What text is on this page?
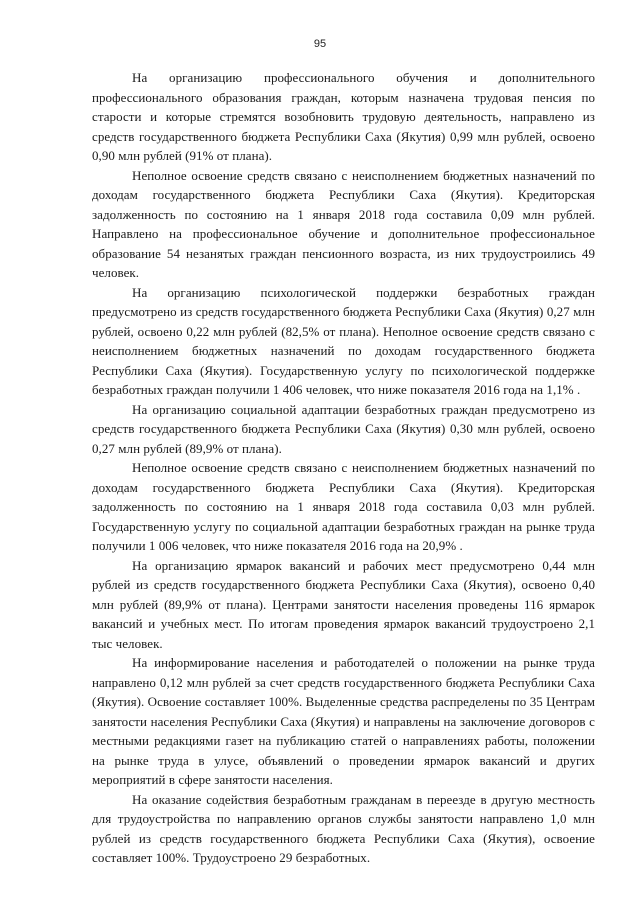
95

На организацию профессионального обучения и дополнительного профессионального образования граждан, которым назначена трудовая пенсия по старости и которые стремятся возобновить трудовую деятельность, направлено из средств государственного бюджета Республики Саха (Якутия) 0,99 млн рублей, освоено 0,90 млн рублей (91% от плана).

Неполное освоение средств связано с неисполнением бюджетных назначений по доходам государственного бюджета Республики Саха (Якутия). Кредиторская задолженность по состоянию на 1 января 2018 года составила 0,09 млн рублей. Направлено на профессиональное обучение и дополнительное профессиональное образование 54 незанятых граждан пенсионного возраста, из них трудоустроились 49 человек.

На организацию психологической поддержки безработных граждан предусмотрено из средств государственного бюджета Республики Саха (Якутия) 0,27 млн рублей, освоено 0,22 млн рублей (82,5% от плана). Неполное освоение средств связано с неисполнением бюджетных назначений по доходам государственного бюджета Республики Саха (Якутия). Государственную услугу по психологической поддержке безработных граждан получили 1 406 человек, что ниже показателя 2016 года на 1,1% .

На организацию социальной адаптации безработных граждан предусмотрено из средств государственного бюджета Республики Саха (Якутия) 0,30 млн рублей, освоено 0,27 млн рублей (89,9% от плана).

Неполное освоение средств связано с неисполнением бюджетных назначений по доходам государственного бюджета Республики Саха (Якутия). Кредиторская задолженность по состоянию на 1 января 2018 года составила 0,03 млн рублей. Государственную услугу по социальной адаптации безработных граждан на рынке труда получили 1 006 человек, что ниже показателя 2016 года на 20,9% .

На организацию ярмарок вакансий и рабочих мест предусмотрено 0,44 млн рублей из средств государственного бюджета Республики Саха (Якутия), освоено 0,40 млн рублей (89,9% от плана). Центрами занятости населения проведены 116 ярмарок вакансий и учебных мест. По итогам проведения ярмарок вакансий трудоустроено 2,1 тыс человек.

На информирование населения и работодателей о положении на рынке труда направлено 0,12 млн рублей за счет средств государственного бюджета Республики Саха (Якутия). Освоение составляет 100%. Выделенные средства распределены по 35 Центрам занятости населения Республики Саха (Якутия) и направлены на заключение договоров с местными редакциями газет на публикацию статей о направлениях работы, положении на рынке труда в улусе, объявлений о проведении ярмарок вакансий и других мероприятий в сфере занятости населения.

На оказание содействия безработным гражданам в переезде в другую местность для трудоустройства по направлению органов службы занятости направлено 1,0 млн рублей из средств государственного бюджета Республики Саха (Якутия), освоение составляет 100%. Трудоустроено 29 безработных.
